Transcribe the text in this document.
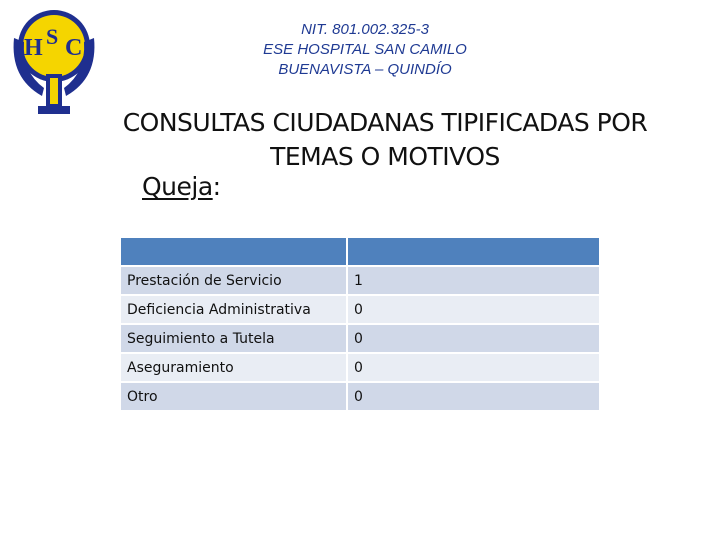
H S C
NIT. 801.002.325-3
ESE HOSPITAL SAN CAMILO
BUENAVISTA – QUINDÍO
CONSULTAS CIUDADANAS TIPIFICADAS POR
TEMAS O MOTIVOS
Queja:

Prestación de Servicio	1
Deficiencia Administrativa	0
Seguimiento a Tutela	0
Aseguramiento	0
Otro	0
